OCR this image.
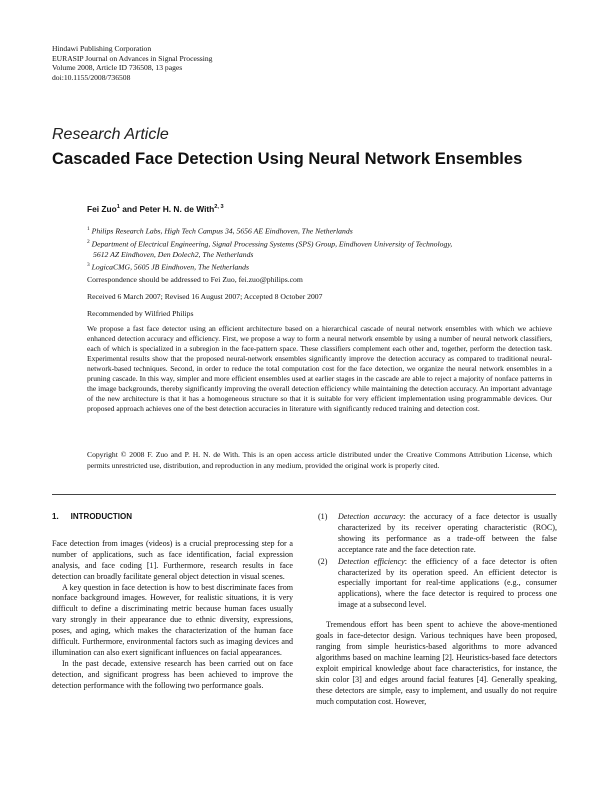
Hindawi Publishing Corporation
EURASIP Journal on Advances in Signal Processing
Volume 2008, Article ID 736508, 13 pages
doi:10.1155/2008/736508
Research Article
Cascaded Face Detection Using Neural Network Ensembles
Fei Zuo$^1$ and Peter H. N. de With$^{2, 3}$
$^1$ Philips Research Labs, High Tech Campus 34, 5656 AE Eindhoven, The Netherlands
$^2$ Department of Electrical Engineering, Signal Processing Systems (SPS) Group, Eindhoven University of Technology,
5612 AZ Eindhoven, Den Dolech2, The Netherlands
$^3$ LogicaCMG, 5605 JB Eindhoven, The Netherlands
Correspondence should be addressed to Fei Zuo, fei.zuo@philips.com
Received 6 March 2007; Revised 16 August 2007; Accepted 8 October 2007
Recommended by Wilfried Philips
We propose a fast face detector using an efficient architecture based on a hierarchical cascade of neural network ensembles with which we achieve enhanced detection accuracy and efficiency. First, we propose a way to form a neural network ensemble by using a number of neural network classifiers, each of which is specialized in a subregion in the face-pattern space. These classifiers complement each other and, together, perform the detection task. Experimental results show that the proposed neural-network ensembles significantly improve the detection accuracy as compared to traditional neural-network-based techniques. Second, in order to reduce the total computation cost for the face detection, we organize the neural network ensembles in a pruning cascade. In this way, simpler and more efficient ensembles used at earlier stages in the cascade are able to reject a majority of nonface patterns in the image backgrounds, thereby significantly improving the overall detection efficiency while maintaining the detection accuracy. An important advantage of the new architecture is that it has a homogeneous structure so that it is suitable for very efficient implementation using programmable devices. Our proposed approach achieves one of the best detection accuracies in literature with significantly reduced training and detection cost.
Copyright © 2008 F. Zuo and P. H. N. de With. This is an open access article distributed under the Creative Commons Attribution License, which permits unrestricted use, distribution, and reproduction in any medium, provided the original work is properly cited.
1. INTRODUCTION

Face detection from images (videos) is a crucial preprocessing step for a number of applications, such as face identification, facial expression analysis, and face coding [1]. Furthermore, research results in face detection can broadly facilitate general object detection in visual scenes.

A key question in face detection is how to best discriminate faces from nonface background images. However, for realistic situations, it is very difficult to define a discriminating metric because human faces usually vary strongly in their appearance due to ethnic diversity, expressions, poses, and aging, which makes the characterization of the human face difficult. Furthermore, environmental factors such as imaging devices and illumination can also exert significant influences on facial appearances.

In the past decade, extensive research has been carried out on face detection, and significant progress has been achieved to improve the detection performance with the following two performance goals.

(1)	Detection accuracy: the accuracy of a face detector is usually characterized by its receiver operating characteristic (ROC), showing its performance as a trade-off between the false acceptance rate and the face detection rate.
(2)	Detection efficiency: the efficiency of a face detector is often characterized by its operation speed. An efficient detector is especially important for real-time applications (e.g., consumer applications), where the face detector is required to process one image at a subsecond level.

Tremendous effort has been spent to achieve the above-mentioned goals in face-detector design. Various techniques have been proposed, ranging from simple heuristics-based algorithms to more advanced algorithms based on machine learning [2]. Heuristics-based face detectors exploit empirical knowledge about face characteristics, for instance, the skin color [3] and edges around facial features [4]. Generally speaking, these detectors are simple, easy to implement, and usually do not require much computation cost. However,
